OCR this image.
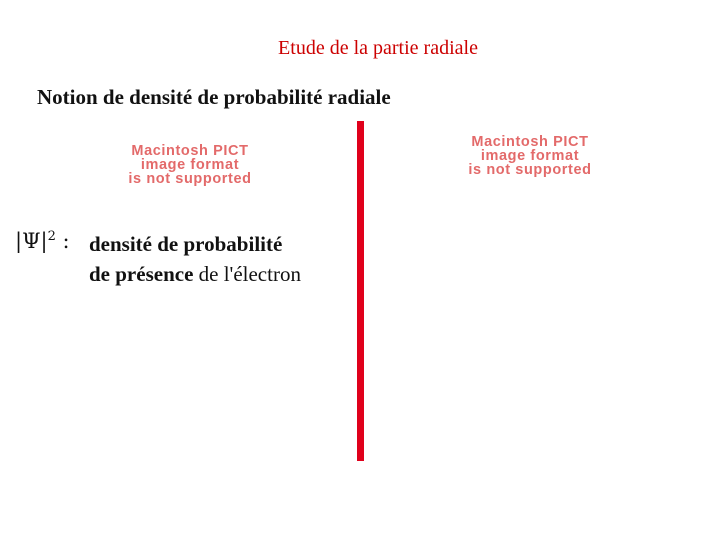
Etude de la partie radiale
Notion de densité de probabilité radiale
Macintosh PICT
image format
is not supported
Macintosh PICT
image format
is not supported
$|\Psi|^2$ : densité de probabilité
de présence de l'électron
